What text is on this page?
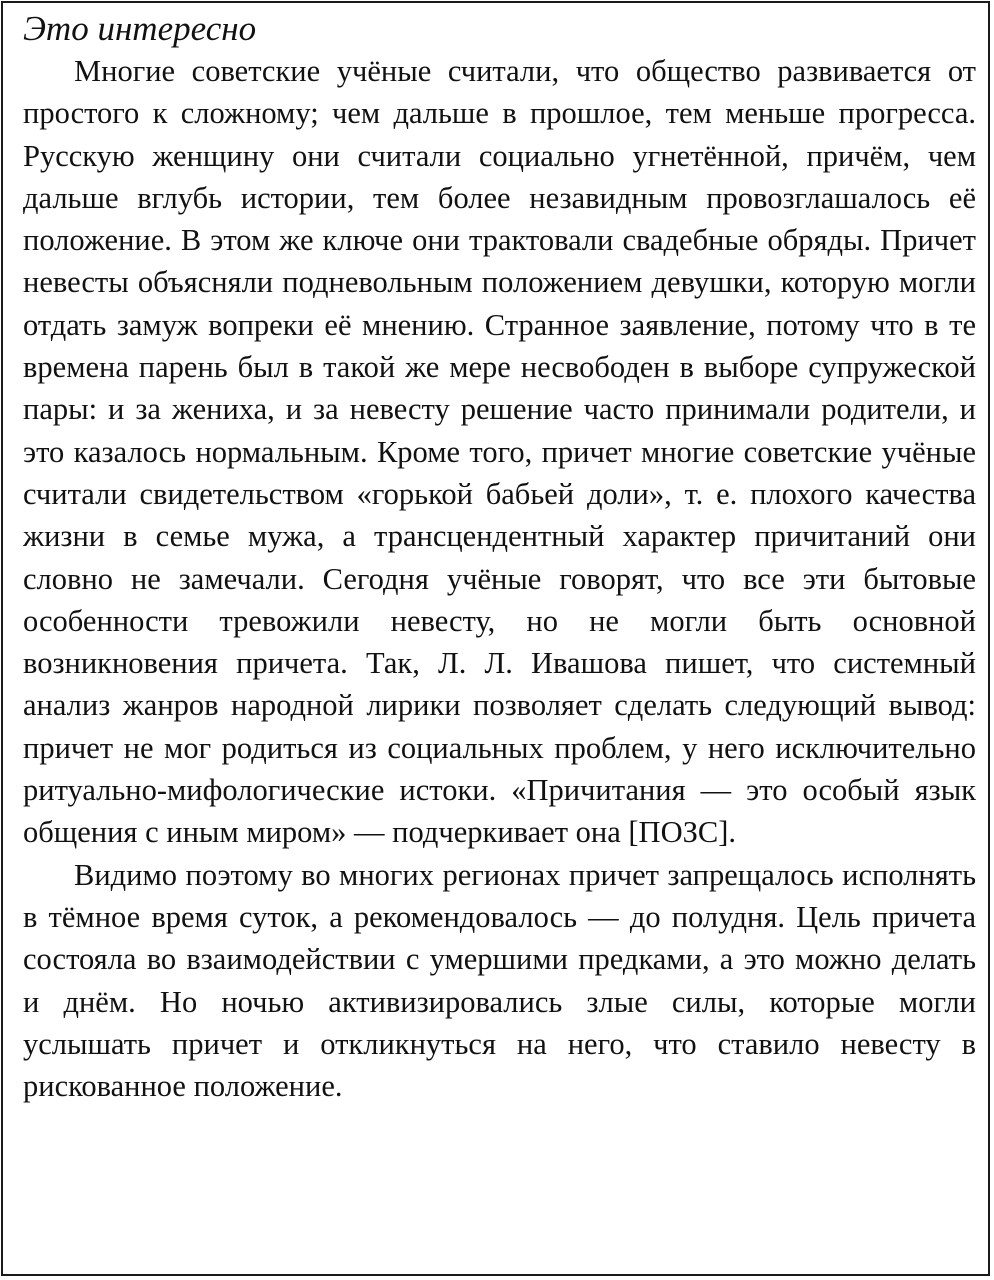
Это интересно

Многие советские учёные считали, что общество развивается от простого к сложному; чем дальше в прошлое, тем меньше прогресса. Русскую женщину они считали социально угнетённой, причём, чем дальше вглубь истории, тем более незавидным провозглашалось её положение. В этом же ключе они трактовали свадебные обряды. Причет невесты объясняли подневольным положением девушки, которую могли отдать замуж вопреки её мнению. Странное заявление, потому что в те времена парень был в такой же мере несвободен в выборе супружеской пары: и за жениха, и за невесту решение часто принимали родители, и это казалось нормальным. Кроме того, причет многие советские учёные считали свидетельством «горькой бабьей доли», т. е. плохого качества жизни в семье мужа, а трансцендентный характер причитаний они словно не замечали. Сегодня учёные говорят, что все эти бытовые особенности тревожили невесту, но не могли быть основной возникновения причета. Так, Л. Л. Ивашова пишет, что системный анализ жанров народной лирики позволяет сделать следующий вывод: причет не мог родиться из социальных проблем, у него исключительно ритуально-мифологические истоки. «Причитания — это особый язык общения с иным миром» — подчеркивает она [ПОЗС].

Видимо поэтому во многих регионах причет запрещалось исполнять в тёмное время суток, а рекомендовалось — до полудня. Цель причета состояла во взаимодействии с умершими предками, а это можно делать и днём. Но ночью активизировались злые силы, которые могли услышать причет и откликнуться на него, что ставило невесту в рискованное положение.
